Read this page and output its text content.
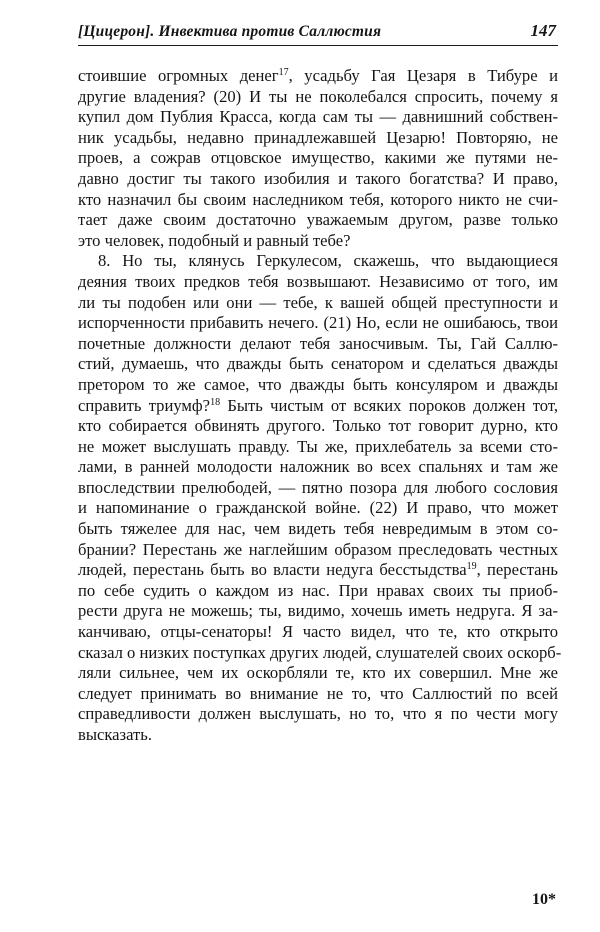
[Цицерон]. Инвектива против Саллюстия	147
стоившие огромных денег$^{17}$, усадьбу Гая Цезаря в Тибуре и
другие владения? (20) И ты не поколебался спросить, почему я
купил дом Публия Красса, когда сам ты — давнишний собствен-
ник усадьбы, недавно принадлежавшей Цезарю! Повторяю, не
проев, а сожрав отцовское имущество, какими же путями не-
давно достиг ты такого изобилия и такого богатства? И право,
кто назначил бы своим наследником тебя, которого никто не счи-
тает даже своим достаточно уважаемым другом, разве только
это человек, подобный и равный тебе?
8. Но ты, клянусь Геркулесом, скажешь, что выдающиеся
деяния твоих предков тебя возвышают. Независимо от того, им
ли ты подобен или они — тебе, к вашей общей преступности и
испорченности прибавить нечего. (21) Но, если не ошибаюсь, твои
почетные должности делают тебя заносчивым. Ты, Гай Саллю-
стий, думаешь, что дважды быть сенатором и сделаться дважды
претором то же самое, что дважды быть консуляром и дважды
справить триумф?$^{18}$ Быть чистым от всяких пороков должен тот,
кто собирается обвинять другого. Только тот говорит дурно, кто
не может выслушать правду. Ты же, прихлебатель за всеми сто-
лами, в ранней молодости наложник во всех спальнях и там же
впоследствии прелюбодей, — пятно позора для любого сословия
и напоминание о гражданской войне. (22) И право, что может
быть тяжелее для нас, чем видеть тебя невредимым в этом со-
брании? Перестань же наглейшим образом преследовать честных
людей, перестань быть во власти недуга бесстыдства$^{19}$, перестань
по себе судить о каждом из нас. При нравах своих ты приоб-
рести друга не можешь; ты, видимо, хочешь иметь недруга. Я за-
канчиваю, отцы-сенаторы! Я часто видел, что те, кто открыто
сказал о низких поступках других людей, слушателей своих оскорб-
ляли сильнее, чем их оскорбляли те, кто их совершил. Мне же
следует принимать во внимание не то, что Саллюстий по всей
справедливости должен выслушать, но то, что я по чести могу
высказать.
10*
